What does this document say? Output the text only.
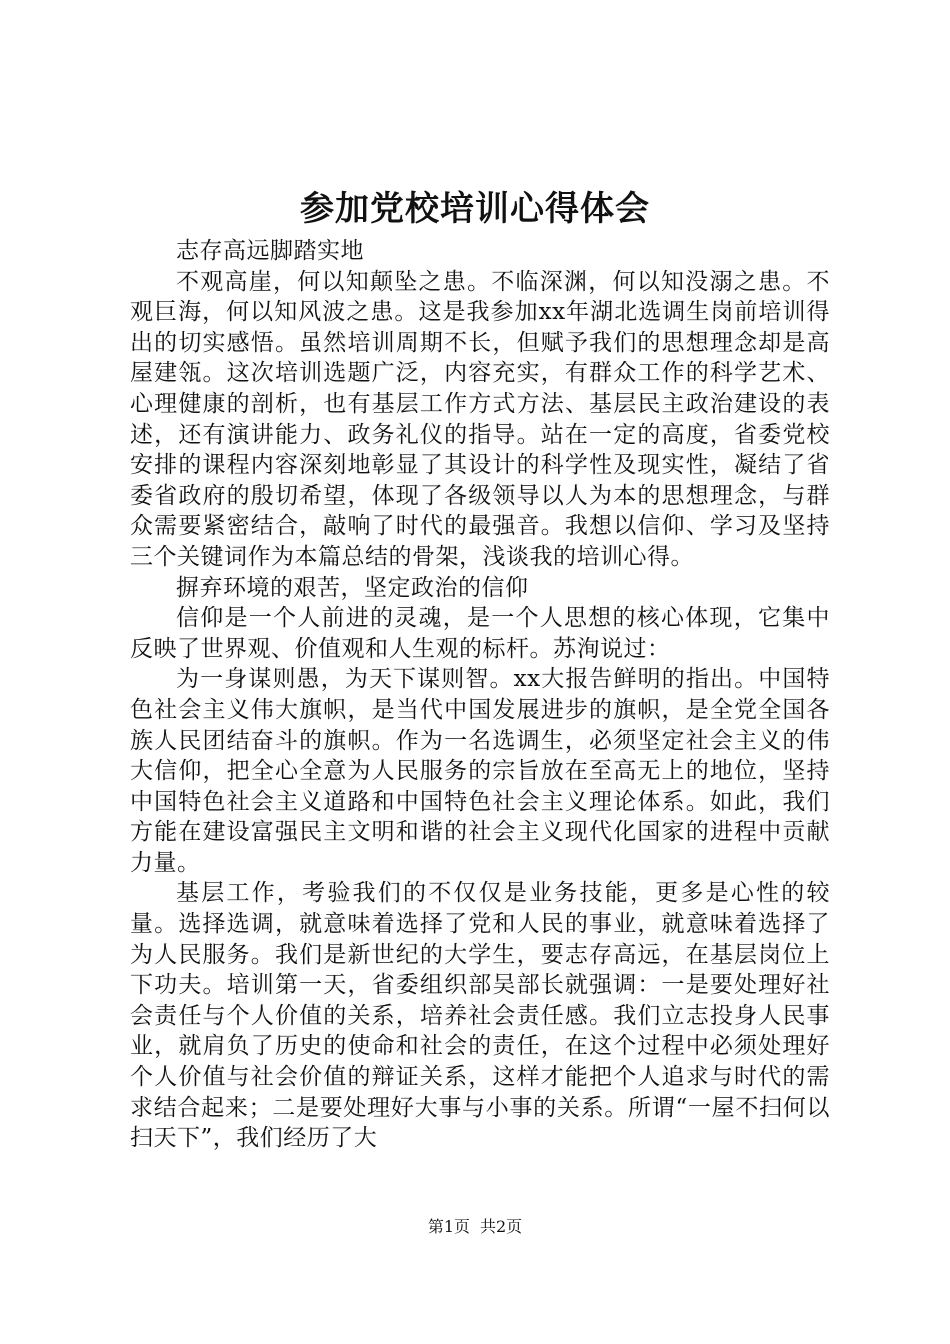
参加党校培训心得体会

志存高远脚踏实地

不观高崖，何以知颠坠之患。不临深渊，何以知没溺之患。不观巨海，何以知风波之患。这是我参加xx年湖北选调生岗前培训得出的切实感悟。虽然培训周期不长，但赋予我们的思想理念却是高屋建瓴。这次培训选题广泛，内容充实，有群众工作的科学艺术、心理健康的剖析，也有基层工作方式方法、基层民主政治建设的表述，还有演讲能力、政务礼仪的指导。站在一定的高度，省委党校安排的课程内容深刻地彰显了其设计的科学性及现实性，凝结了省委省政府的殷切希望，体现了各级领导以人为本的思想理念，与群众需要紧密结合，敲响了时代的最强音。我想以信仰、学习及坚持三个关键词作为本篇总结的骨架，浅谈我的培训心得。

摒弃环境的艰苦，坚定政治的信仰

信仰是一个人前进的灵魂，是一个人思想的核心体现，它集中反映了世界观、价值观和人生观的标杆。苏洵说过：

为一身谋则愚，为天下谋则智。xx大报告鲜明的指出。中国特色社会主义伟大旗帜，是当代中国发展进步的旗帜，是全党全国各族人民团结奋斗的旗帜。作为一名选调生，必须坚定社会主义的伟大信仰，把全心全意为人民服务的宗旨放在至高无上的地位，坚持中国特色社会主义道路和中国特色社会主义理论体系。如此，我们方能在建设富强民主文明和谐的社会主义现代化国家的进程中贡献力量。

基层工作，考验我们的不仅仅是业务技能，更多是心性的较量。选择选调，就意味着选择了党和人民的事业，就意味着选择了为人民服务。我们是新世纪的大学生，要志存高远，在基层岗位上下功夫。培训第一天，省委组织部吴部长就强调：一是要处理好社会责任与个人价值的关系，培养社会责任感。我们立志投身人民事业，就肩负了历史的使命和社会的责任，在这个过程中必须处理好个人价值与社会价值的辩证关系，这样才能把个人追求与时代的需求结合起来；二是要处理好大事与小事的关系。所谓“一屋不扫何以扫天下”，我们经历了大

第1页 共2页
